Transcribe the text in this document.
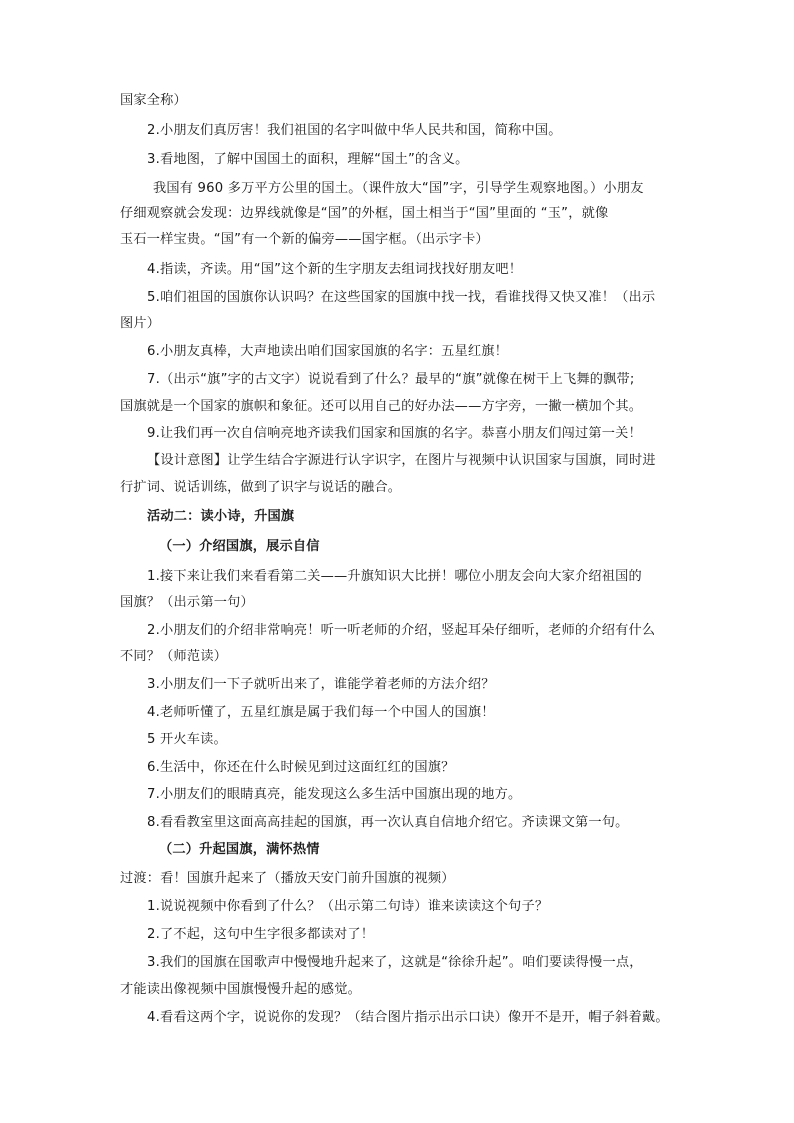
国家全称）
2.小朋友们真厉害！我们祖国的名字叫做中华人民共和国，简称中国。
3.看地图，了解中国国土的面积，理解“国土”的含义。
我国有 960 多万平方公里的国土。（课件放大“国”字，引导学生观察地图。）小朋友
仔细观察就会发现：边界线就像是“国”的外框，国土相当于“国”里面的 “玉”，就像
玉石一样宝贵。“国”有一个新的偏旁——国字框。（出示字卡）
4.指读，齐读。用“国”这个新的生字朋友去组词找找好朋友吧！
5.咱们祖国的国旗你认识吗？在这些国家的国旗中找一找，看谁找得又快又准！（出示
图片）
6.小朋友真棒，大声地读出咱们国家国旗的名字：五星红旗！
7.（出示“旗”字的古文字）说说看到了什么？最早的“旗”就像在树干上飞舞的飘带;
国旗就是一个国家的旗帜和象征。还可以用自己的好办法——方字旁，一撇一横加个其。
9.让我们再一次自信响亮地齐读我们国家和国旗的名字。恭喜小朋友们闯过第一关！
【设计意图】让学生结合字源进行认字识字，在图片与视频中认识国家与国旗，同时进
行扩词、说话训练，做到了识字与说话的融合。
活动二：读小诗，升国旗
（一）介绍国旗，展示自信
1.接下来让我们来看看第二关——升旗知识大比拼！哪位小朋友会向大家介绍祖国的
国旗？（出示第一句）
2.小朋友们的介绍非常响亮！听一听老师的介绍，竖起耳朵仔细听，老师的介绍有什么
不同？（师范读）
3.小朋友们一下子就听出来了，谁能学着老师的方法介绍？
4.老师听懂了，五星红旗是属于我们每一个中国人的国旗！
5 开火车读。
6.生活中，你还在什么时候见到过这面红红的国旗？
7.小朋友们的眼睛真亮，能发现这么多生活中国旗出现的地方。
8.看看教室里这面高高挂起的国旗，再一次认真自信地介绍它。齐读课文第一句。
（二）升起国旗，满怀热情
过渡：看！国旗升起来了（播放天安门前升国旗的视频）
1.说说视频中你看到了什么？（出示第二句诗）谁来读读这个句子？
2.了不起，这句中生字很多都读对了！
3.我们的国旗在国歌声中慢慢地升起来了，这就是“徐徐升起”。咱们要读得慢一点，
才能读出像视频中国旗慢慢升起的感觉。
4.看看这两个字，说说你的发现？（结合图片指示出示口诀）像开不是开，帽子斜着戴。
